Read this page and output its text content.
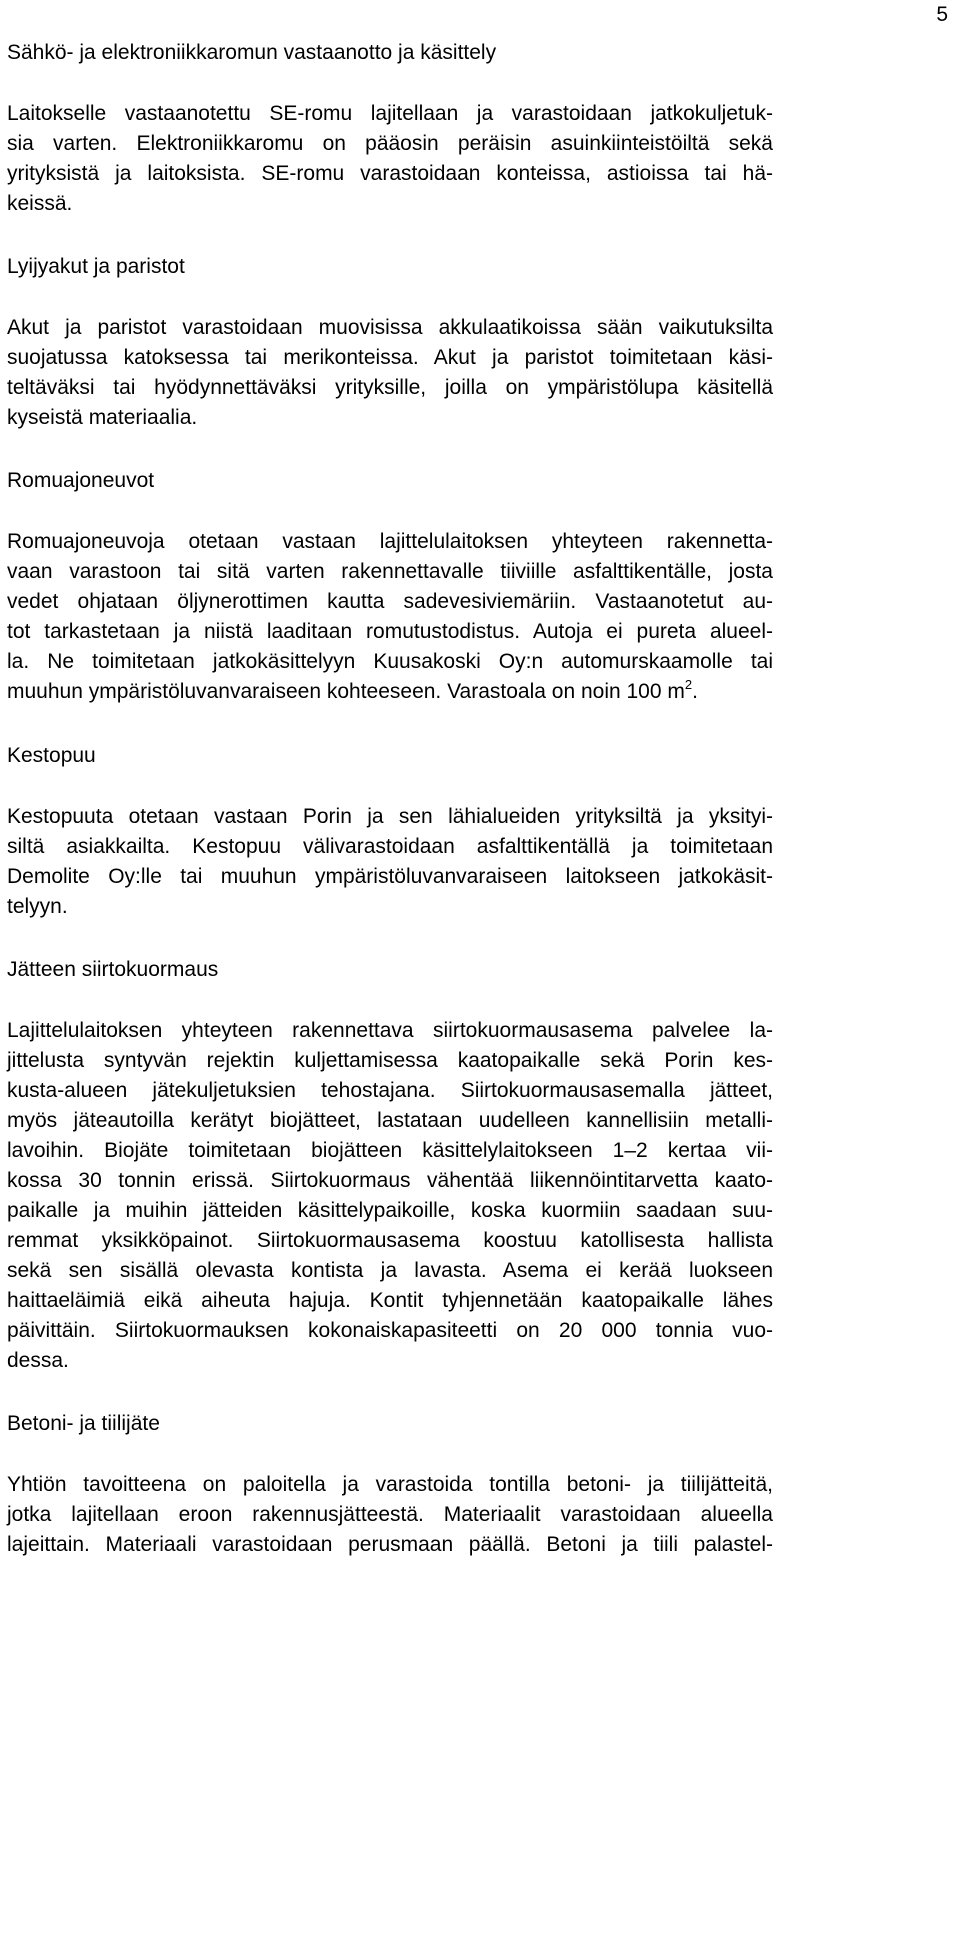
5
Sähkö- ja elektroniikkaromun vastaanotto ja käsittely
Laitokselle vastaanotettu SE-romu lajitellaan ja varastoidaan jatkokuljetuk-
sia varten. Elektroniikkaromu on pääosin peräisin asuinkiinteistöiltä sekä
yrityksistä ja laitoksista. SE-romu varastoidaan konteissa, astioissa tai hä-
keissä.
Lyijyakut ja paristot
Akut ja paristot varastoidaan muovisissa akkulaatikoissa sään vaikutuksilta
suojatussa katoksessa tai merikonteissa. Akut ja paristot toimitetaan käsi-
teltäväksi tai hyödynnettäväksi yrityksille, joilla on ympäristölupa käsitellä
kyseistä materiaalia.
Romuajoneuvot
Romuajoneuvoja otetaan vastaan lajittelulaitoksen yhteyteen rakennetta-
vaan varastoon tai sitä varten rakennettavalle tiiviille asfalttikentälle, josta
vedet ohjataan öljynerottimen kautta sadevesiviemäriin. Vastaanotetut au-
tot tarkastetaan ja niistä laaditaan romutustodistus. Autoja ei pureta alueel-
la. Ne toimitetaan jatkokäsittelyyn Kuusakoski Oy:n automurskaamolle tai
muuhun ympäristöluvanvaraiseen kohteeseen. Varastoala on noin 100 $m^2$.
Kestopuu
Kestopuuta otetaan vastaan Porin ja sen lähialueiden yrityksiltä ja yksityi-
siltä asiakkailta. Kestopuu välivarastoidaan asfalttikentällä ja toimitetaan
Demolite Oy:lle tai muuhun ympäristöluvanvaraiseen laitokseen jatkokäsit-
telyyn.
Jätteen siirtokuormaus
Lajittelulaitoksen yhteyteen rakennettava siirtokuormausasema palvelee la-
jittelusta syntyvän rejektin kuljettamisessa kaatopaikalle sekä Porin kes-
kusta-alueen jätekuljetuksien tehostajana. Siirtokuormausasemalla jätteet,
myös jäteautoilla kerätyt biojätteet, lastataan uudelleen kannellisiin metalli-
lavoihin. Biojäte toimitetaan biojätteen käsittelylaitokseen 1–2 kertaa vii-
kossa 30 tonnin erissä. Siirtokuormaus vähentää liikennöintitarvetta kaato-
paikalle ja muihin jätteiden käsittelypaikoille, koska kuormiin saadaan suu-
remmat yksikköpainot. Siirtokuormausasema koostuu katollisesta hallista
sekä sen sisällä olevasta kontista ja lavasta. Asema ei kerää luokseen
haittaeläimiä eikä aiheuta hajuja. Kontit tyhjennetään kaatopaikalle lähes
päivittäin. Siirtokuormauksen kokonaiskapasiteetti on 20 000 tonnia vuo-
dessa.
Betoni- ja tiilijäte
Yhtiön tavoitteena on paloitella ja varastoida tontilla betoni- ja tiilijätteitä,
jotka lajitellaan eroon rakennusjätteestä. Materiaalit varastoidaan alueella
lajeittain. Materiaali varastoidaan perusmaan päällä. Betoni ja tiili palastel-
